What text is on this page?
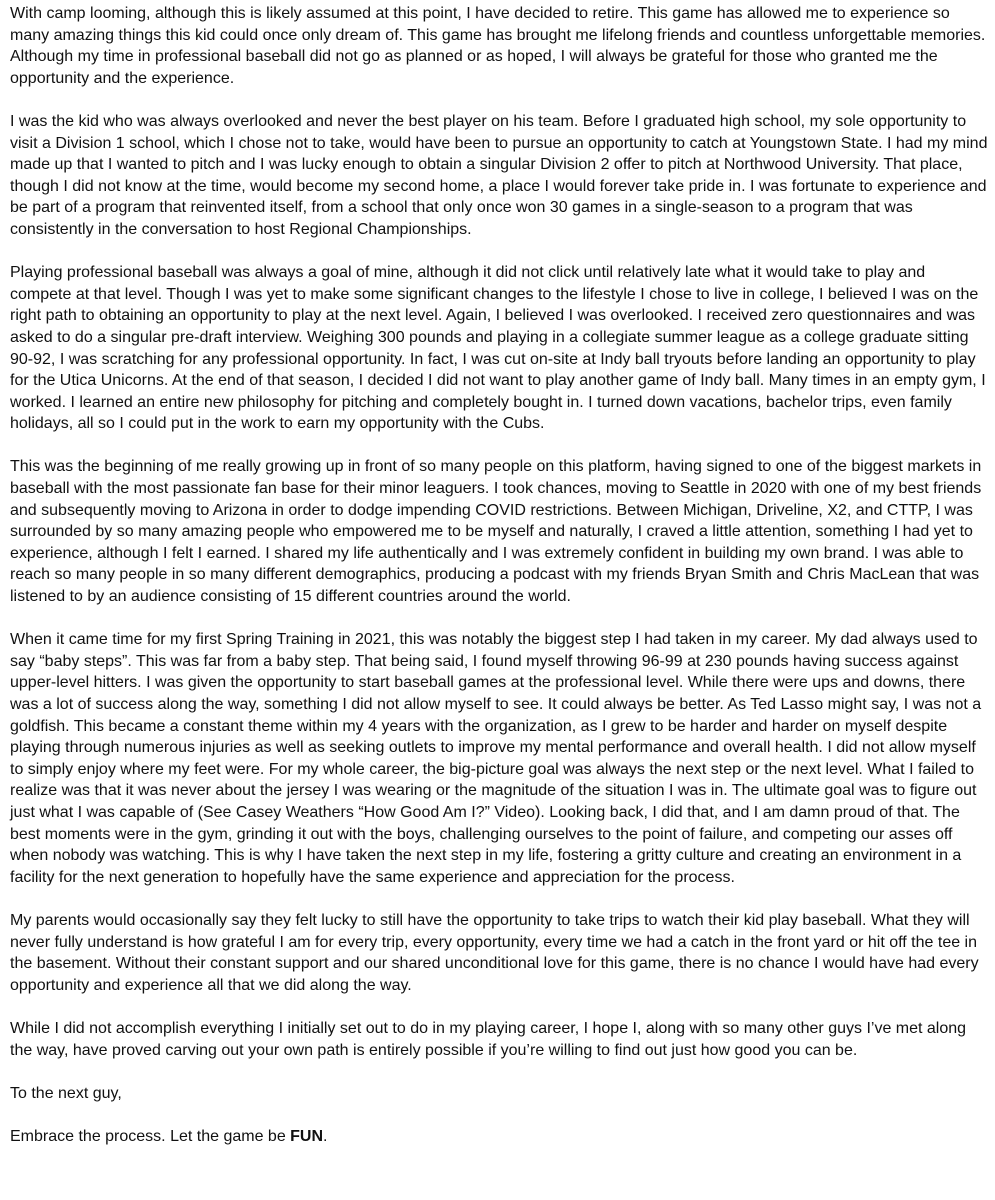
With camp looming, although this is likely assumed at this point, I have decided to retire. This game has allowed me to experience so many amazing things this kid could once only dream of. This game has brought me lifelong friends and countless unforgettable memories. Although my time in professional baseball did not go as planned or as hoped, I will always be grateful for those who granted me the opportunity and the experience.

I was the kid who was always overlooked and never the best player on his team. Before I graduated high school, my sole opportunity to visit a Division 1 school, which I chose not to take, would have been to pursue an opportunity to catch at Youngstown State. I had my mind made up that I wanted to pitch and I was lucky enough to obtain a singular Division 2 offer to pitch at Northwood University. That place, though I did not know at the time, would become my second home, a place I would forever take pride in. I was fortunate to experience and be part of a program that reinvented itself, from a school that only once won 30 games in a single-season to a program that was consistently in the conversation to host Regional Championships.

Playing professional baseball was always a goal of mine, although it did not click until relatively late what it would take to play and compete at that level. Though I was yet to make some significant changes to the lifestyle I chose to live in college, I believed I was on the right path to obtaining an opportunity to play at the next level. Again, I believed I was overlooked. I received zero questionnaires and was asked to do a singular pre-draft interview. Weighing 300 pounds and playing in a collegiate summer league as a college graduate sitting 90-92, I was scratching for any professional opportunity. In fact, I was cut on-site at Indy ball tryouts before landing an opportunity to play for the Utica Unicorns. At the end of that season, I decided I did not want to play another game of Indy ball. Many times in an empty gym, I worked. I learned an entire new philosophy for pitching and completely bought in. I turned down vacations, bachelor trips, even family holidays, all so I could put in the work to earn my opportunity with the Cubs.

This was the beginning of me really growing up in front of so many people on this platform, having signed to one of the biggest markets in baseball with the most passionate fan base for their minor leaguers. I took chances, moving to Seattle in 2020 with one of my best friends and subsequently moving to Arizona in order to dodge impending COVID restrictions. Between Michigan, Driveline, X2, and CTTP, I was surrounded by so many amazing people who empowered me to be myself and naturally, I craved a little attention, something I had yet to experience, although I felt I earned. I shared my life authentically and I was extremely confident in building my own brand. I was able to reach so many people in so many different demographics, producing a podcast with my friends Bryan Smith and Chris MacLean that was listened to by an audience consisting of 15 different countries around the world.

When it came time for my first Spring Training in 2021, this was notably the biggest step I had taken in my career. My dad always used to say “baby steps”. This was far from a baby step. That being said, I found myself throwing 96-99 at 230 pounds having success against upper-level hitters. I was given the opportunity to start baseball games at the professional level. While there were ups and downs, there was a lot of success along the way, something I did not allow myself to see. It could always be better. As Ted Lasso might say, I was not a goldfish. This became a constant theme within my 4 years with the organization, as I grew to be harder and harder on myself despite playing through numerous injuries as well as seeking outlets to improve my mental performance and overall health. I did not allow myself to simply enjoy where my feet were. For my whole career, the big-picture goal was always the next step or the next level. What I failed to realize was that it was never about the jersey I was wearing or the magnitude of the situation I was in. The ultimate goal was to figure out just what I was capable of (See Casey Weathers “How Good Am I?” Video). Looking back, I did that, and I am damn proud of that. The best moments were in the gym, grinding it out with the boys, challenging ourselves to the point of failure, and competing our asses off when nobody was watching. This is why I have taken the next step in my life, fostering a gritty culture and creating an environment in a facility for the next generation to hopefully have the same experience and appreciation for the process.

My parents would occasionally say they felt lucky to still have the opportunity to take trips to watch their kid play baseball. What they will never fully understand is how grateful I am for every trip, every opportunity, every time we had a catch in the front yard or hit off the tee in the basement. Without their constant support and our shared unconditional love for this game, there is no chance I would have had every opportunity and experience all that we did along the way.

While I did not accomplish everything I initially set out to do in my playing career, I hope I, along with so many other guys I’ve met along the way, have proved carving out your own path is entirely possible if you’re willing to find out just how good you can be.

To the next guy,

Embrace the process. Let the game be FUN.
